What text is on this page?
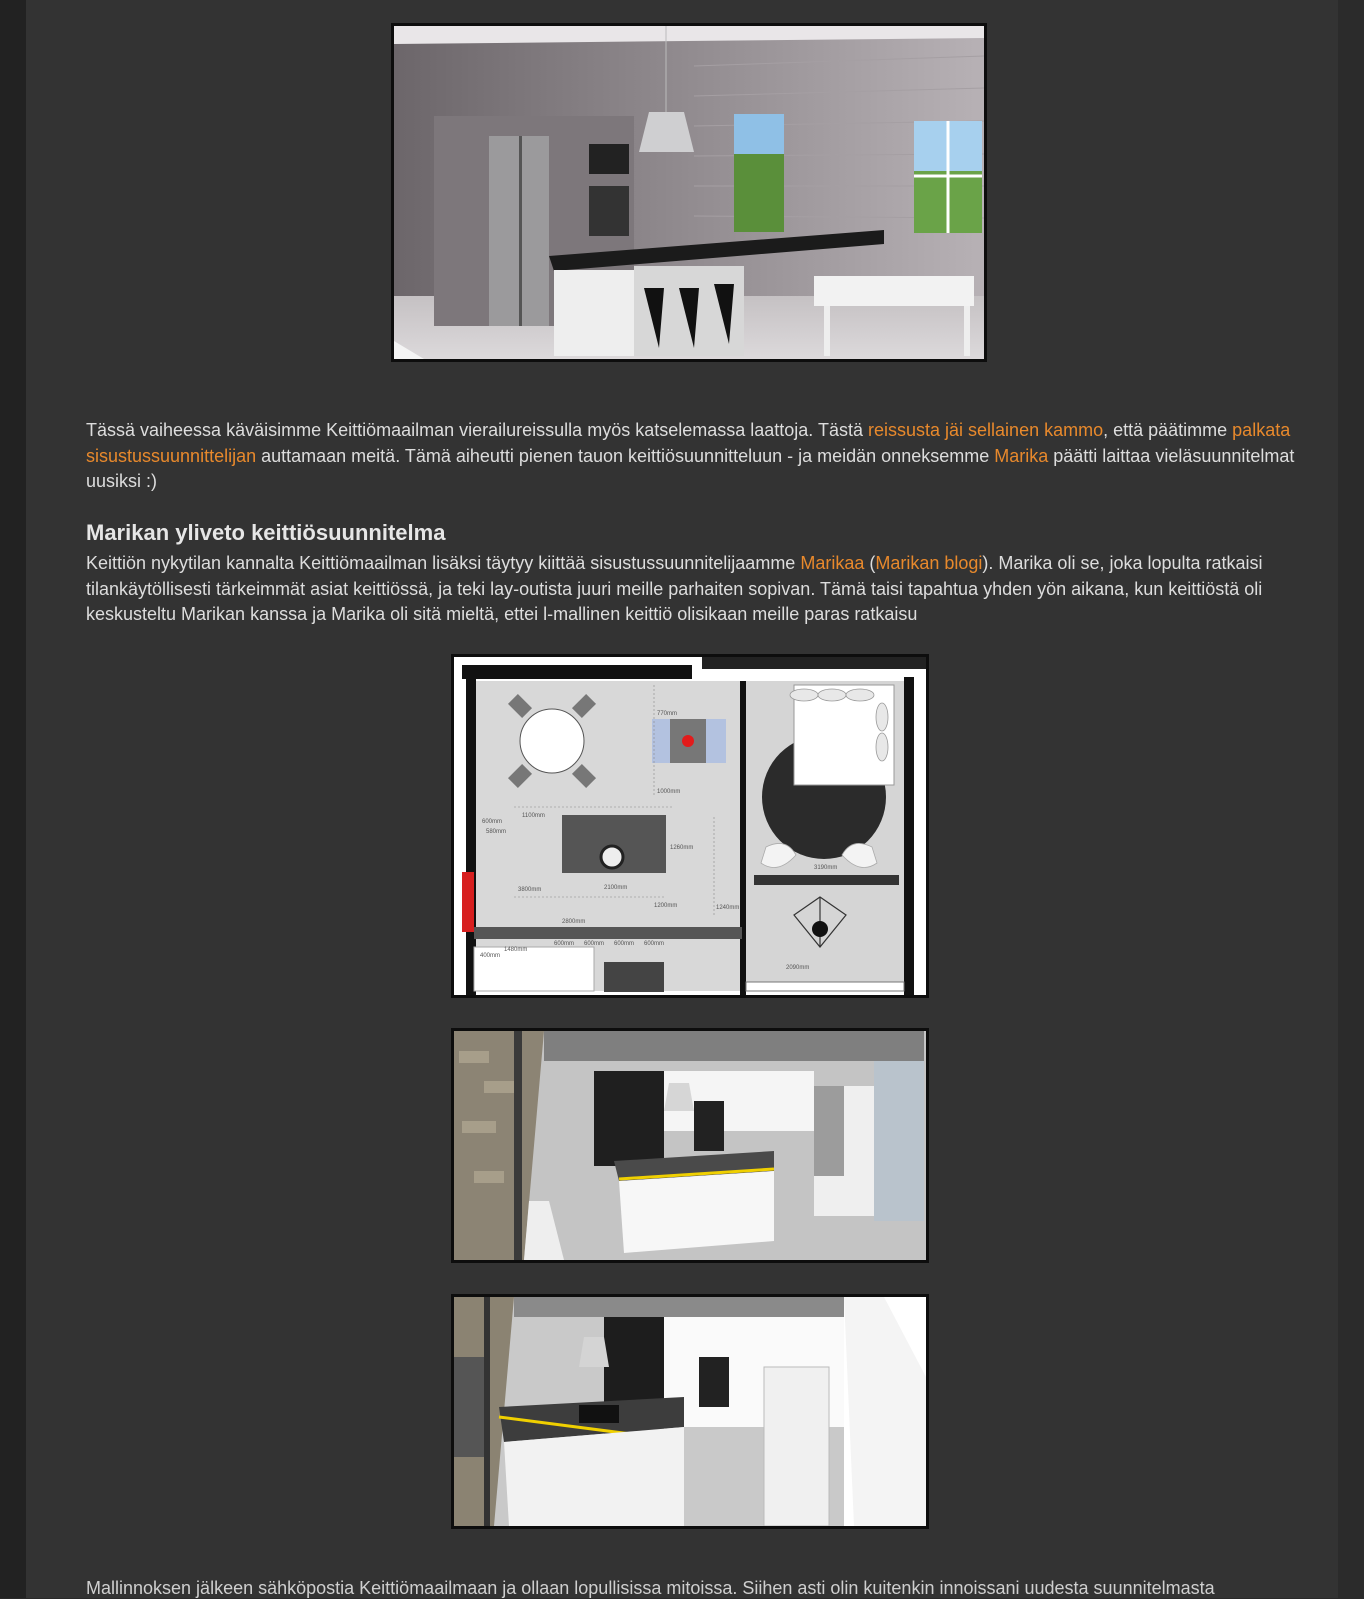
Tässä vaiheessa käväisimme Keittiömaailman vierailureissulla myös katselemassa laattoja. Tästä reissusta jäi sellainen kammo, että päätimme palkata sisustussuunnittelijan auttamaan meitä. Tämä aiheutti pienen tauon keittiösuunnitteluun - ja meidän onneksemme Marika päätti laittaa vieläsuunnitelmat uusiksi :)
Marikan yliveto keittiösuunnitelma
Keittiön nykytilan kannalta Keittiömaailman lisäksi täytyy kiittää sisustussuunnitelijaamme Marikaa (Marikan blogi). Marika oli se, joka lopulta ratkaisi tilankäytöllisesti tärkeimmät asiat keittiössä, ja teki lay-outista juuri meille parhaiten sopivan. Tämä taisi tapahtua yhden yön aikana, kun keittiöstä oli keskusteltu Marikan kanssa ja Marika oli sitä mieltä, ettei l-mallinen keittiö olisikaan meille paras ratkaisu
770mm
1000mm
1100mm
600mm
580mm
1260mm
3800mm	2100mm
1200mm	1240mm
2800mm
1480mm
600mm 600mm 600mm 600mm
400mm
3190mm
2090mm
Mallinnoksen jälkeen sähköpostia Keittiömaailmaan ja ollaan lopullisissa mitoissa. Siihen asti olin kuitenkin innoissani uudesta suunnitelmasta
